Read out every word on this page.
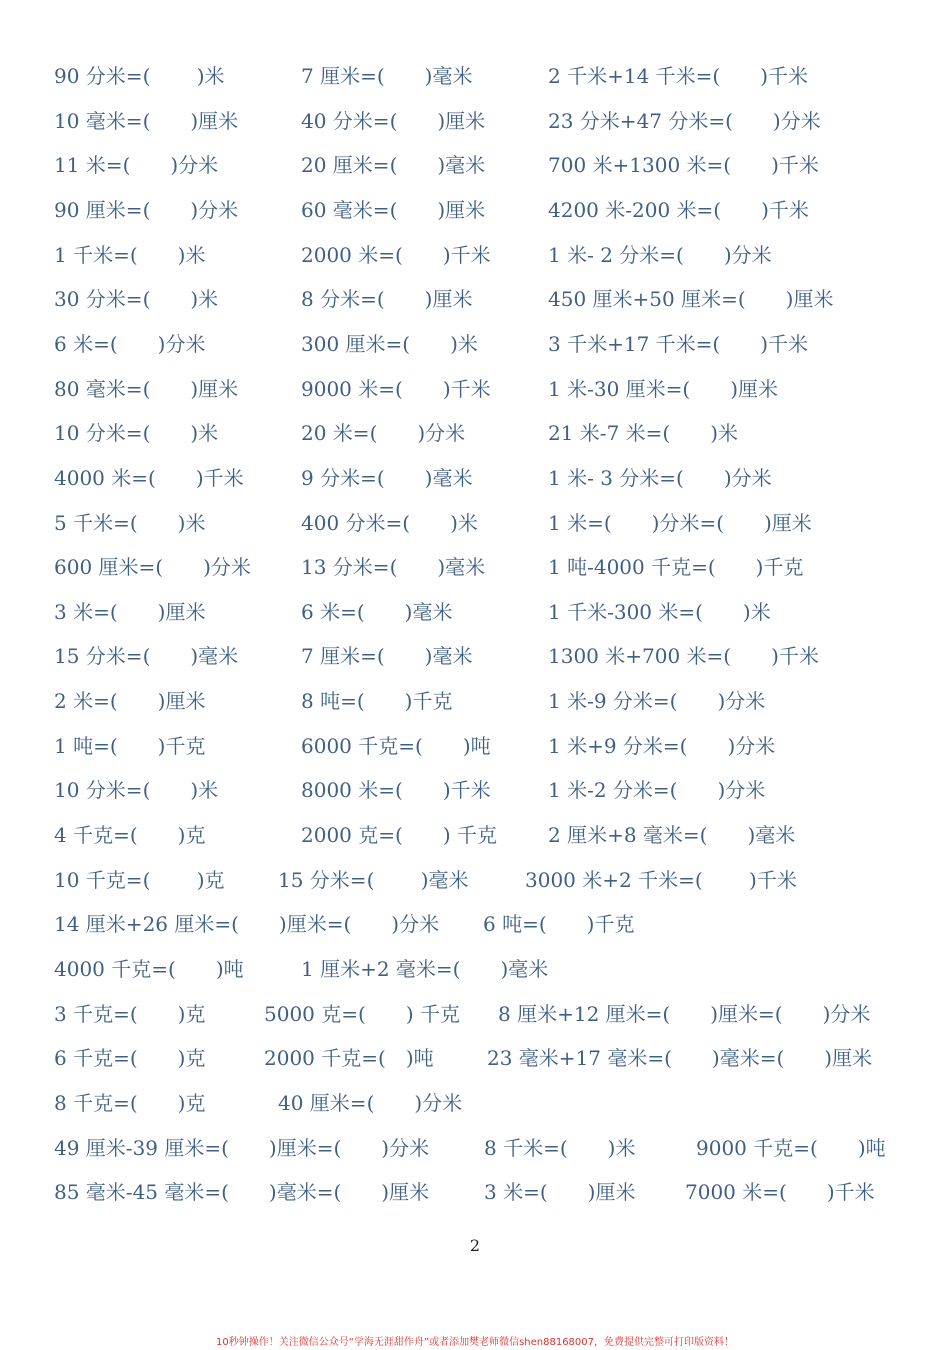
90 分米=(　　 )米	7 厘米=(　　)毫米	2 千米+14 千米=(　　)千米
10 毫米=(　　)厘米	40 分米=(　　)厘米	23 分米+47 分米=(　　)分米
11 米=(　　)分米	20 厘米=(　　)毫米	700 米+1300 米=(　　)千米
90 厘米=(　　)分米	60 毫米=(　　)厘米	4200 米-200 米=(　　)千米
1 千米=(　　)米	2000 米=(　　)千米	1 米- 2 分米=(　　)分米
30 分米=(　　)米	8 分米=(　　)厘米	450 厘米+50 厘米=(　　)厘米
6 米=(　　)分米	300 厘米=(　　)米	3 千米+17 千米=(　　)千米
80 毫米=(　　)厘米	9000 米=(　　)千米	1 米-30 厘米=(　　)厘米
10 分米=(　　)米	20 米=(　　)分米	21 米-7 米=(　　)米
4000 米=(　　)千米	9 分米=(　　)毫米	1 米- 3 分米=(　　)分米
5 千米=(　　)米	400 分米=(　　)米	1 米=(　　)分米=(　　)厘米
600 厘米=(　　)分米	13 分米=(　　)毫米	1 吨-4000 千克=(　　)千克
3 米=(　　)厘米	6 米=(　　)毫米	1 千米-300 米=(　　)米
15 分米=(　　)毫米	7 厘米=(　　)毫米	1300 米+700 米=(　　)千米
2 米=(　　)厘米	8 吨=(　　)千克	1 米-9 分米=(　　)分米
1 吨=(　　)千克	6000 千克=(　　)吨	1 米+9 分米=(　　)分米
10 分米=(　　)米	8000 米=(　　)千米	1 米-2 分米=(　　)分米
4 千克=(　　)克	2000 克=(　　) 千克	2 厘米+8 毫米=(　　)毫米
10 千克=(　　 )克	15 分米=(　　 )毫米	3000 米+2 千米=(　　 )千米
14 厘米+26 厘米=(　　)厘米=(　　)分米 6 吨=(　　)千克
4000 千克=(　　)吨	1 厘米+2 毫米=(　　)毫米
3 千克=(　　)克	5000 克=(　　) 千克 8 厘米+12 厘米=(　　)厘米=(　　)分米
6 千克=(　　)克	2000 千克=(　)吨	23 毫米+17 毫米=(　　)毫米=(　　)厘米
8 千克=(　　)克	40 厘米=(　　)分米
49 厘米-39 厘米=(　　)厘米=(　　)分米	8 千米=(　　)米	9000 千克=(　　)吨
85 毫米-45 毫米=(　　)毫米=(　　)厘米	3 米=(　　)厘米 7000 米=(　　)千米
2
10秒钟操作！关注微信公众号“学海无涯甜作舟”或者添加樊老师微信shen88168007，免费提供完整可打印版资料！
